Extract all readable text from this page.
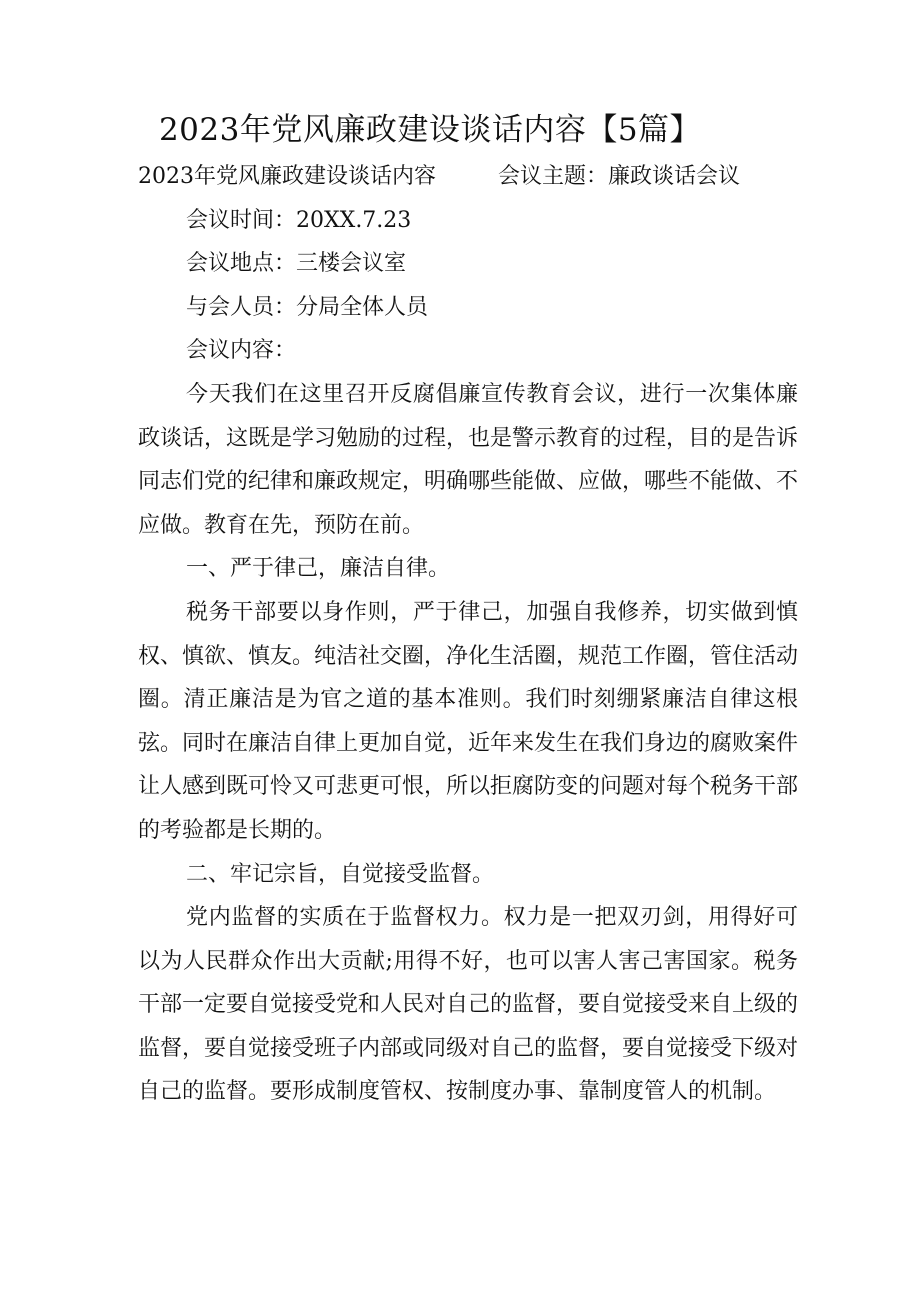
2023年党风廉政建设谈话内容【5篇】
2023年党风廉政建设谈话内容	会议主题：廉政谈话会议

会议时间：20XX.7.23

会议地点：三楼会议室

与会人员：分局全体人员

会议内容：

今天我们在这里召开反腐倡廉宣传教育会议，进行一次集体廉政谈话，这既是学习勉励的过程，也是警示教育的过程，目的是告诉同志们党的纪律和廉政规定，明确哪些能做、应做，哪些不能做、不应做。教育在先，预防在前。

一、严于律己，廉洁自律。

税务干部要以身作则，严于律己，加强自我修养，切实做到慎权、慎欲、慎友。纯洁社交圈，净化生活圈，规范工作圈，管住活动圈。清正廉洁是为官之道的基本准则。我们时刻绷紧廉洁自律这根弦。同时在廉洁自律上更加自觉，近年来发生在我们身边的腐败案件让人感到既可怜又可悲更可恨，所以拒腐防变的问题对每个税务干部的考验都是长期的。

二、牢记宗旨，自觉接受监督。

党内监督的实质在于监督权力。权力是一把双刃剑，用得好可以为人民群众作出大贡献;用得不好，也可以害人害己害国家。税务干部一定要自觉接受党和人民对自己的监督，要自觉接受来自上级的监督，要自觉接受班子内部或同级对自己的监督，要自觉接受下级对自己的监督。要形成制度管权、按制度办事、靠制度管人的机制。
